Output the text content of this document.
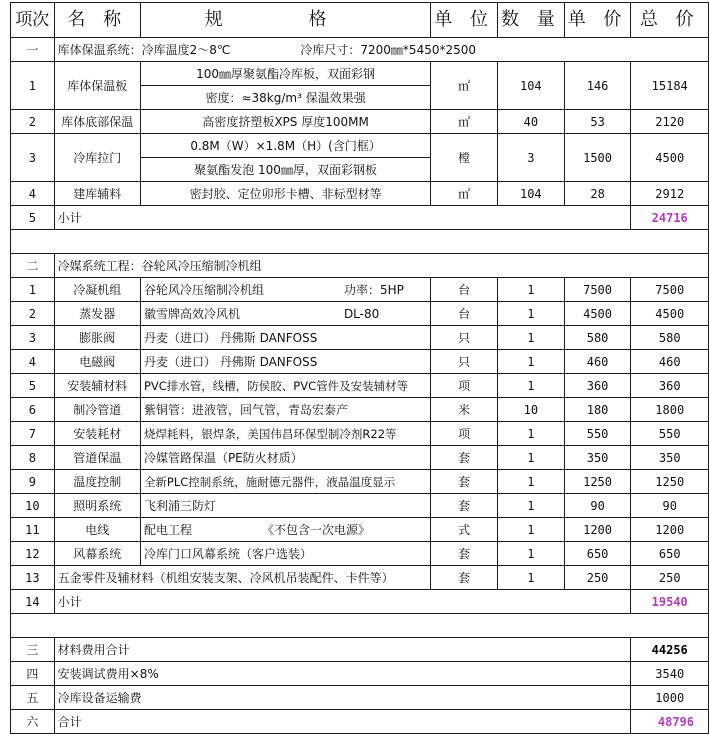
项次	名 称	规 格	单 位	数 量	单 价	总 价
一	库体保温系统：冷库温度2～8℃ 冷库尺寸：7200㎜*5450*2500					
1	库体保温板	100㎜厚聚氨酯冷库板，双面彩钢	㎡	104	146	15184
		密度：≈38kg/m³ 保温效果强				
2	库体底部保温	高密度挤塑板XPS 厚度100MM	㎡	40	53	2120
3	冷库拉门	0.8M（W）×1.8M（H）(含门框）	樘	3	1500	4500
		聚氨酯发泡 100㎜厚，双面彩钢板				
4	建库辅料	密封胶、定位卯形卡槽、非标型材等	㎡	104	28	2912
5	小计					24716

二	冷媒系统工程：谷轮风冷压缩制冷机组					
1	冷凝机组	谷轮风冷压缩制冷机组 功率：5HP	台	1	7500	7500
2	蒸发器	徽雪牌高效冷风机 DL-80	台	1	4500	4500
3	膨胀阀	丹麦（进口） 丹佛斯 DANFOSS	只	1	580	580
4	电磁阀	丹麦（进口） 丹佛斯 DANFOSS	只	1	460	460
5	安装辅材料	PVC排水管，线槽，防侯胶、PVC管件及安装辅材等	项	1	360	360
6	制冷管道	紫铜管：进液管，回气管，青岛宏泰产	米	10	180	1800
7	安装耗材	烧焊耗料，银焊条，美国伟昌环保型制冷剂R22等	项	1	550	550
8	管道保温	冷媒管路保温（PE防火材质）	套	1	350	350
9	温度控制	全新PLC控制系统，施耐德元器件，液晶温度显示	套	1	1250	1250
10	照明系统	飞利浦三防灯	套	1	90	90
11	电线	配电工程 《不包含一次电源》	式	1	1200	1200
12	风幕系统	冷库门口风幕系统（客户选装）	套	1	650	650
13	五金零件及辅材料（机组安装支架、冷风机吊装配件、卡件等）		套	1	250	250
14	小计					19540

三	材料费用合计					44256
四	安装调试费用×8%					3540
五	冷库设备运输费					1000
六	合计					48796
